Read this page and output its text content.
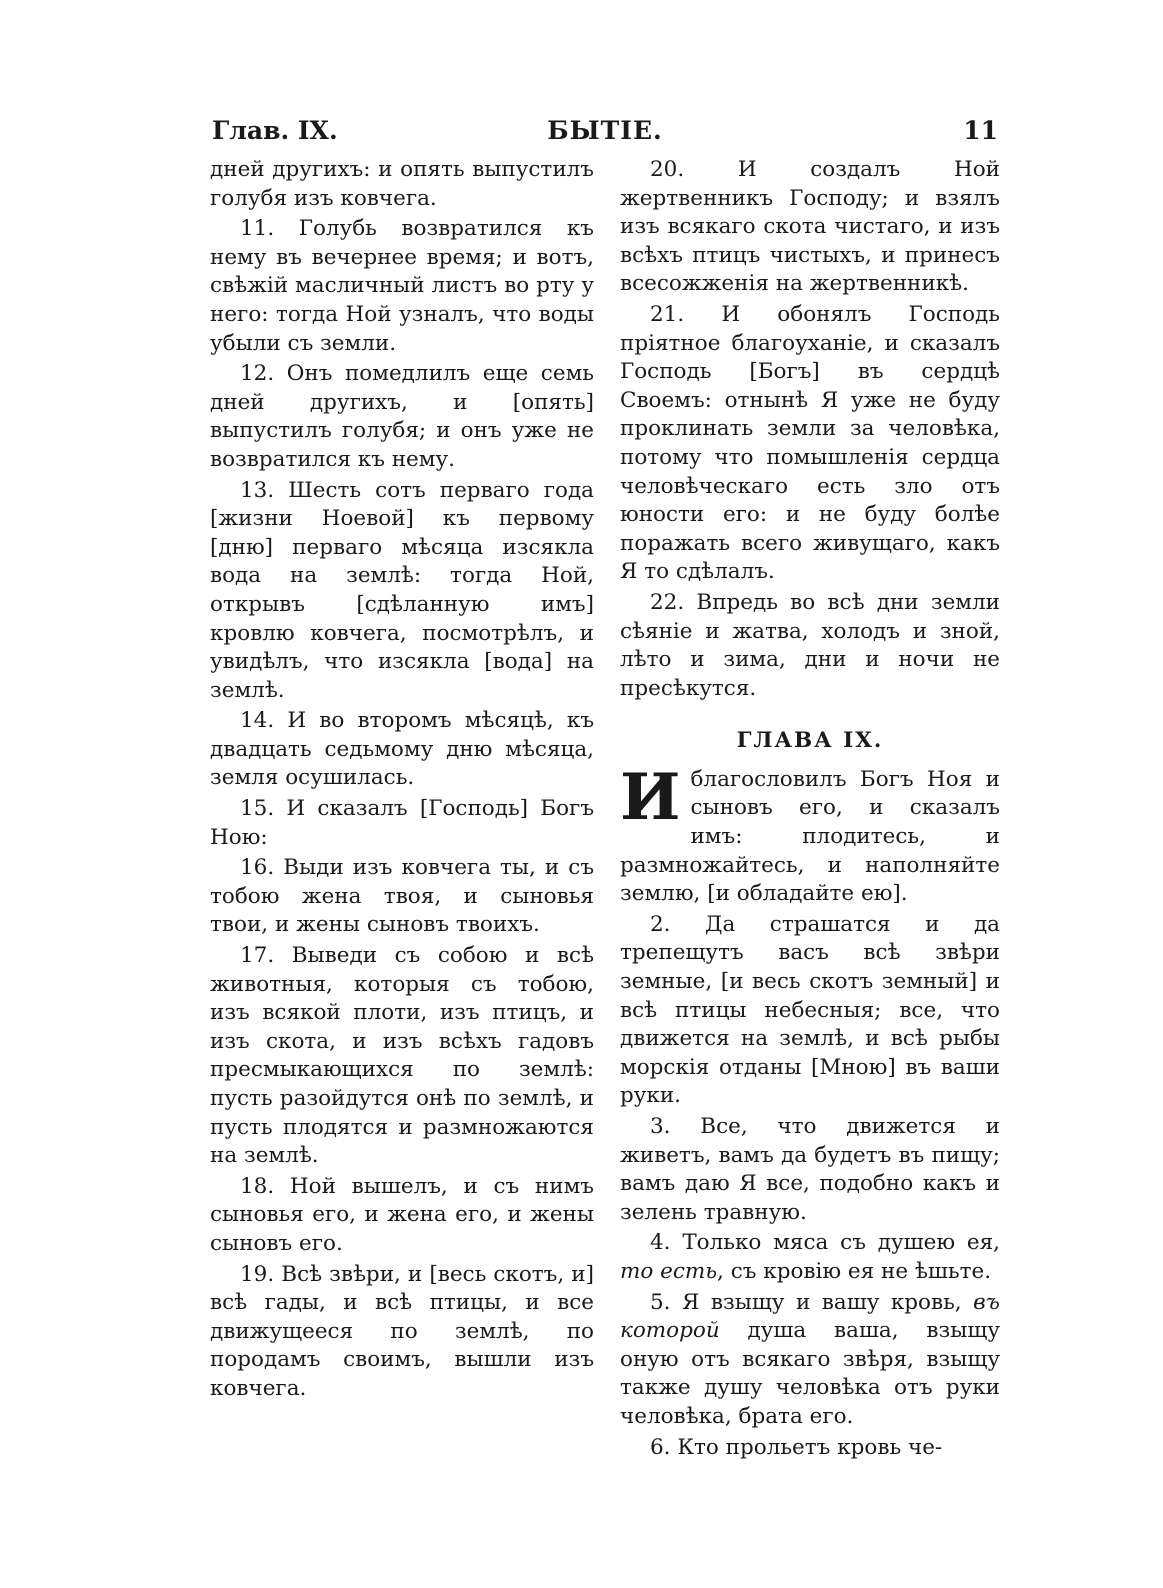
Глав. IX.	БЫТІЕ.	11

дней другихъ: и опять выпустилъ голубя изъ ковчега.

11. Голубь возвратился къ нему въ вечернее время; и вотъ, свѣжій масличный листъ во рту у него: тогда Ной узналъ, что воды убыли съ земли.

12. Онъ помедлилъ еще семь дней другихъ, и [опять] выпустилъ голубя; и онъ уже не возвратился къ нему.

13. Шесть сотъ перваго года [жизни Ноевой] къ первому [дню] перваго мѣсяца изсякла вода на землѣ: тогда Ной, открывъ [сдѣланную имъ] кровлю ковчега, посмотрѣлъ, и увидѣлъ, что изсякла [вода] на землѣ.

14. И во второмъ мѣсяцѣ, къ двадцать седьмому дню мѣсяца, земля осушилась.

15. И сказалъ [Господь] Богъ Ною:

16. Выди изъ ковчега ты, и съ тобою жена твоя, и сыновья твои, и жены сыновъ твоихъ.

17. Выведи съ собою и всѣ животныя, которыя съ тобою, изъ всякой плоти, изъ птицъ, и изъ скота, и изъ всѣхъ гадовъ пресмыкающихся по землѣ: пусть разойдутся онѣ по землѣ, и пусть плодятся и размножаются на землѣ.

18. Ной вышелъ, и съ нимъ сыновья его, и жена его, и жены сыновъ его.

19. Всѣ звѣри, и [весь скотъ, и] всѣ гады, и всѣ птицы, и все движущееся по землѣ, по породамъ своимъ, вышли изъ ковчега.

20. И создалъ Ной жертвенникъ Господу; и взялъ изъ всякаго скота чистаго, и изъ всѣхъ птицъ чистыхъ, и принесъ всесожженія на жертвенникѣ.

21. И обонялъ Господь пріятное благоуханіе, и сказалъ Господь [Богъ] въ сердцѣ Своемъ: отнынѣ Я уже не буду проклинать земли за человѣка, потому что помышленія сердца человѣческаго есть зло отъ юности его: и не буду болѣе поражать всего живущаго, какъ Я то сдѣлалъ.

22. Впредь во всѣ дни земли сѣяніе и жатва, холодъ и зной, лѣто и зима, дни и ночи не пресѣкутся.

ГЛАВА IX.

И благословилъ Богъ Ноя и сыновъ его, и сказалъ имъ: плодитесь, и размножайтесь, и наполняйте землю, [и обладайте ею].

2. Да страшатся и да трепещутъ васъ всѣ звѣри земные, [и весь скотъ земный] и всѣ птицы небесныя; все, что движется на землѣ, и всѣ рыбы морскія отданы [Мною] въ ваши руки.

3. Все, что движется и живетъ, вамъ да будетъ въ пищу; вамъ даю Я все, подобно какъ и зелень травную.

4. Только мяса съ душею ея, то есть, съ кровію ея не ѣшьте.

5. Я взыщу и вашу кровь, въ которой душа ваша, взыщу оную отъ всякаго звѣря, взыщу также душу человѣка отъ руки человѣка, брата его.

6. Кто прольетъ кровь че-
